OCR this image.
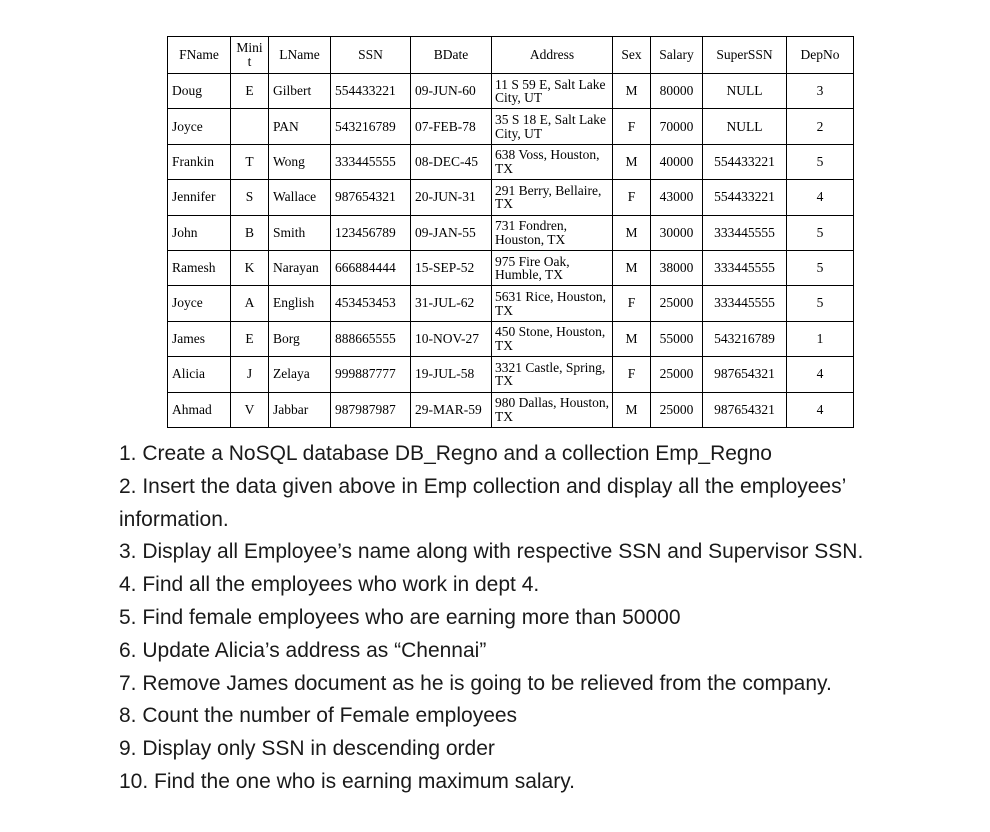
FName	Mini t	LName	SSN	BDate	Address	Sex	Salary	SuperSSN	DepNo
Doug	E	Gilbert	554433221	09-JUN-60	11 S 59 E, Salt Lake City, UT	M	80000	NULL	3
Joyce		PAN	543216789	07-FEB-78	35 S 18 E, Salt Lake City, UT	F	70000	NULL	2
Frankin	T	Wong	333445555	08-DEC-45	638 Voss, Houston, TX	M	40000	554433221	5
Jennifer	S	Wallace	987654321	20-JUN-31	291 Berry, Bellaire, TX	F	43000	554433221	4
John	B	Smith	123456789	09-JAN-55	731 Fondren, Houston, TX	M	30000	333445555	5
Ramesh	K	Narayan	666884444	15-SEP-52	975 Fire Oak, Humble, TX	M	38000	333445555	5
Joyce	A	English	453453453	31-JUL-62	5631 Rice, Houston, TX	F	25000	333445555	5
James	E	Borg	888665555	10-NOV-27	450 Stone, Houston, TX	M	55000	543216789	1
Alicia	J	Zelaya	999887777	19-JUL-58	3321 Castle, Spring, TX	F	25000	987654321	4
Ahmad	V	Jabbar	987987987	29-MAR-59	980 Dallas, Houston, TX	M	25000	987654321	4
1. Create a NoSQL database DB_Regno and a collection Emp_Regno
2. Insert the data given above in Emp collection and display all the employees’ information.
3. Display all Employee’s name along with respective SSN and Supervisor SSN.
4. Find all the employees who work in dept 4.
5. Find female employees who are earning more than 50000
6. Update Alicia’s address as “Chennai”
7. Remove James document as he is going to be relieved from the company.
8. Count the number of Female employees
9. Display only SSN in descending order
10. Find the one who is earning maximum salary.
